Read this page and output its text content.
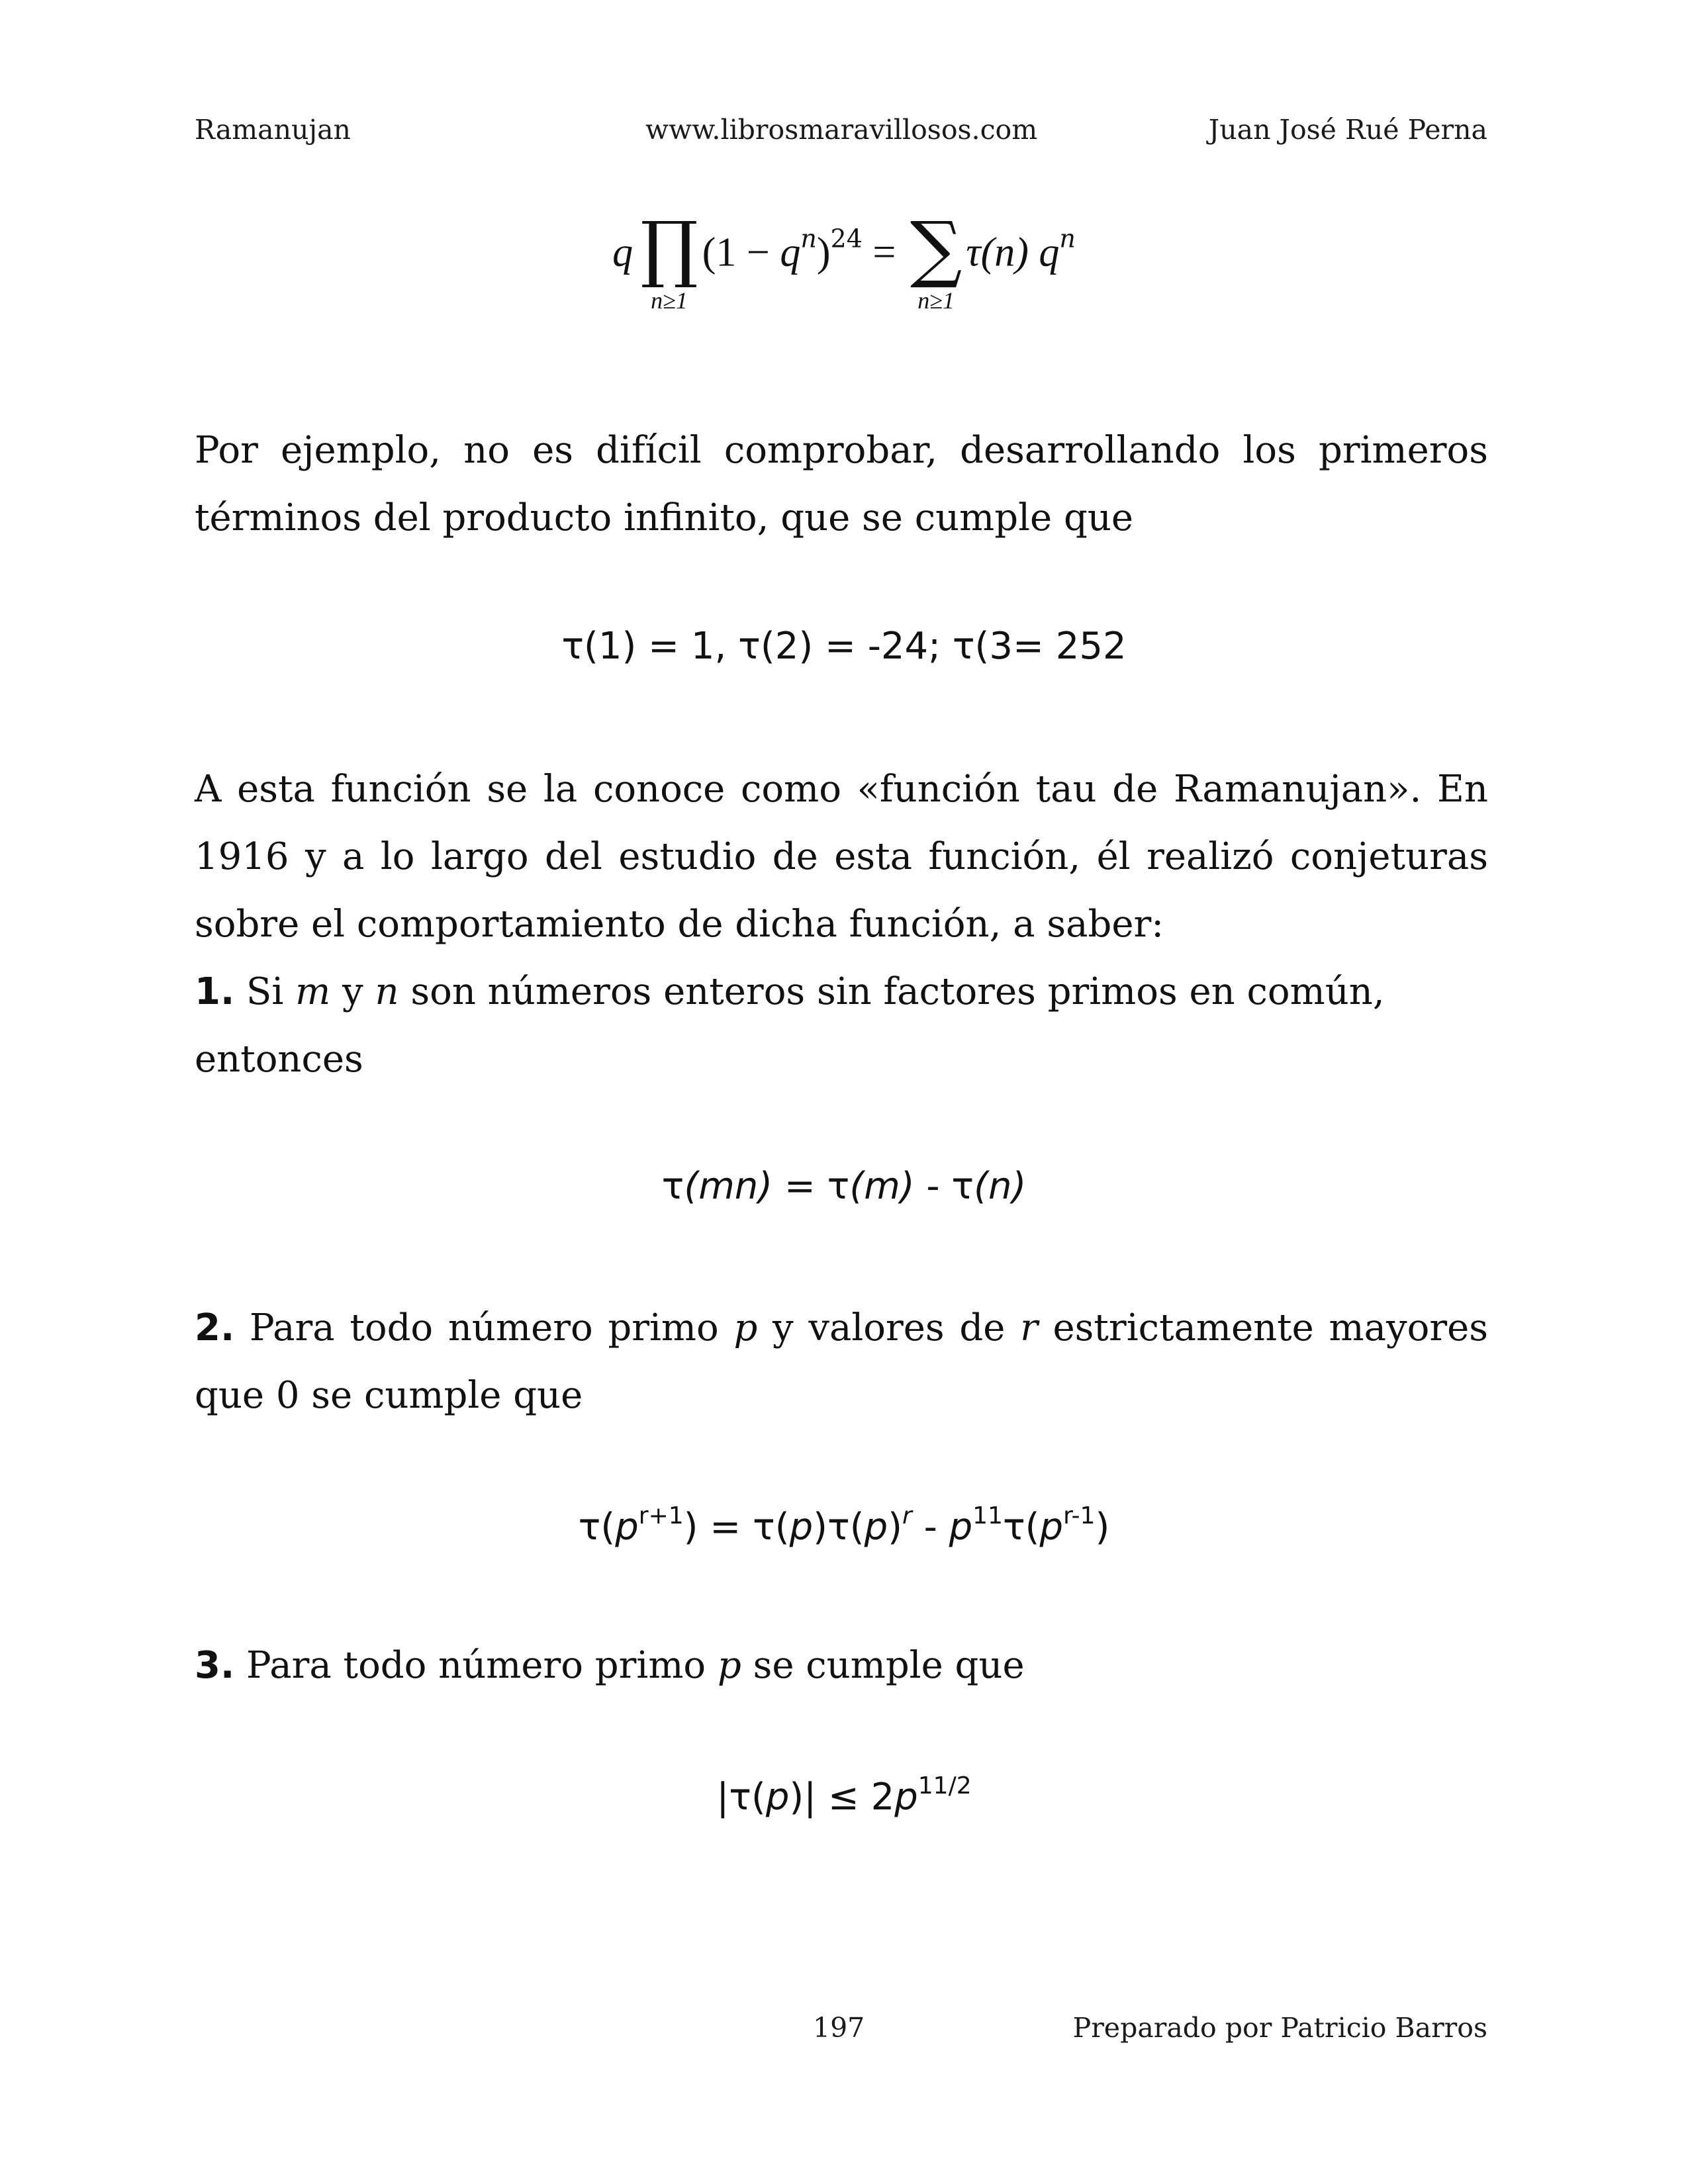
Ramanujan	www.librosmaravillosos.com	Juan José Rué Perna
q ∏
n≥1
$(1 - q^n)^{24}$ = ∑
n≥1
τ(n) $q^n$

Por ejemplo, no es difícil comprobar, desarrollando los primeros términos del producto infinito, que se cumple que

τ(1) = 1, τ(2) = -24; τ(3= 252

A esta función se la conoce como «función tau de Ramanujan». En 1916 y a lo largo del estudio de esta función, él realizó conjeturas sobre el comportamiento de dicha función, a saber:

1. Si m y n son números enteros sin factores primos en común,
entonces

τ(mn) = τ(m) - τ(n)

2. Para todo número primo p y valores de r estrictamente mayores que 0 se cumple que

$\tau(p^{r+1}) = \tau(p)\tau(p)^r - p^{11}\tau(p^{r-1})$

3. Para todo número primo p se cumple que

$|\tau(p)| \le 2p^{11/2}$
197	Preparado por Patricio Barros
